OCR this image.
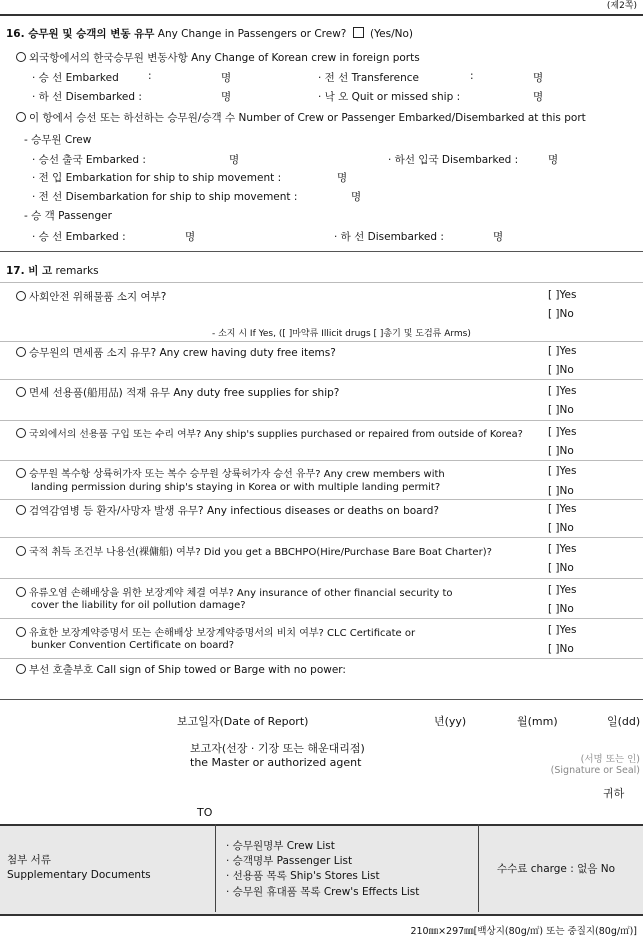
(제2쪽)
16. 승무원 및 승객의 변동 유무 Any Change in Passengers or Crew? (Yes/No)
외국항에서의 한국승무원 변동사항 Any Change of Korean crew in foreign ports
· 승 선 Embarked	:	명	· 전 선 Transference	:	명
· 하 선 Disembarked :	명	· 낙 오 Quit or missed ship :	명
이 항에서 승선 또는 하선하는 승무원/승객 수 Number of Crew or Passenger Embarked/Disembarked at this port
- 승무원 Crew
· 승선 출국 Embarked :	명	· 하선 입국 Disembarked :	명
· 전 입 Embarkation for ship to ship movement :	명
· 전 선 Disembarkation for ship to ship movement :	명
- 승 객 Passenger
· 승 선 Embarked :	명	· 하 선 Disembarked :	명
17. 비 고 remarks
사회안전 위해물품 소지 여부?	[ ]Yes
[ ]No
- 소지 시 If Yes, ([ ]마약류 Illicit drugs [ ]총기 및 도검류 Arms)
승무원의 면세품 소지 유무? Any crew having duty free items?	[ ]Yes
[ ]No
면세 선용품(船用品) 적재 유무 Any duty free supplies for ship?	[ ]Yes
[ ]No
국외에서의 선용품 구입 또는 수리 여부? Any ship's supplies purchased or repaired from outside of Korea? [ ]Yes
[ ]No
승무원 복수항 상륙허가자 또는 복수 승무원 상륙허가자 승선 유무? Any crew members with
landing permission during ship's staying in Korea or with multiple landing permit?
[ ]Yes
[ ]No
검역감염병 등 환자/사망자 발생 유무? Any infectious diseases or deaths on board?	[ ]Yes
[ ]No
국적 취득 조건부 나용선(裸傭船) 여부? Did you get a BBCHPO(Hire/Purchase Bare Boat Charter)?	[ ]Yes
[ ]No
유류오염 손해배상을 위한 보장계약 체결 여부? Any insurance of other financial security to
cover the liability for oil pollution damage?
[ ]Yes
[ ]No
유효한 보장계약증명서 또는 손해배상 보장계약증명서의 비치 여부? CLC Certificate or
bunker Convention Certificate on board?
[ ]Yes
[ ]No
부선 호출부호 Call sign of Ship towed or Barge with no power:
보고일자(Date of Report)	년(yy)	월(mm)	일(dd)
보고자(선장 · 기장 또는 해운대리점)
the Master or authorized agent	(서명 또는 인)
(Signature or Seal)
귀하
TO
첨부 서류
Supplementary Documents
· 승무원명부 Crew List
· 승객명부 Passenger List
· 선용품 목록 Ship's Stores List
· 승무원 휴대품 목록 Crew's Effects List
수수료 charge : 없음 No
210㎜×297㎜[백상지(80g/㎡) 또는 중질지(80g/㎡)]
